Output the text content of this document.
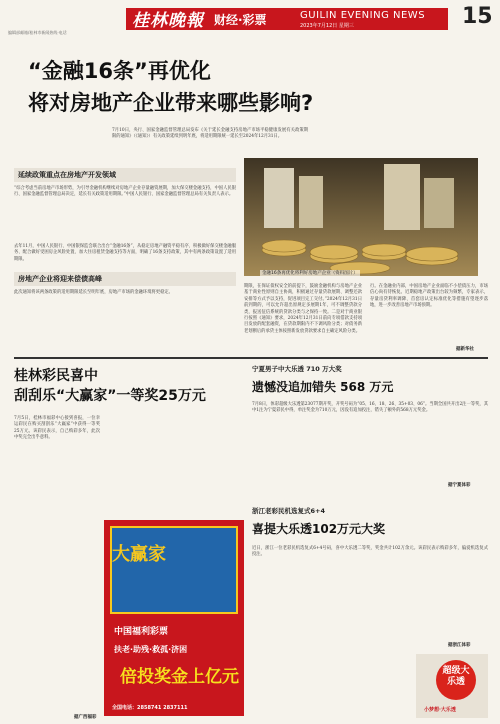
编辑部邮箱/桂林市新闻热线·电话
桂林晚報 财经·彩票	GUILIN EVENING NEWS
2023年7月12日 星期三	15
“金融16条”再优化
将对房地产企业带来哪些影响?

7月10日，央行、国家金融监督管理总局发布《关于延长金融支持房地产市场平稳健康发展有关政策期限的通知》（《通知》）有关政策延续到明年底，将适用期限统一延长至2024年12月31日。

延续政策重点在房地产开发领域

“综合考虑当前房地产市场形势，为引导金融机构继续对房地产企业存量融资展期，加大保交楼金融支持，中国人民银行、国家金融监督管理总局决定，延长有关政策适用期限。”中国人民银行、国家金融监督管理总局有关负责人表示。

去年11月，中国人民银行、中国银保监会联合出台“金融16条”，从稳定房地产融资平稳有序、积极做好保交楼金融服务、配合做好受困房企风险处置、加大住房租赁金融支持等方面，明确了16条支持政策，其中有两条政策设置了适用期限。

房地产企业将迎来偿债高峰

此次通知将该两条政策的适用期限延长至明年底，房地产市场的金融环境将更稳定。

金融16条再优化将利好房地产企业（资料图片）

期限，在保证债权安全的前提下，鼓励金融机构与房地产企业基于商业性原则自主协商，积极通过存量贷款展期、调整还款安排等方式予以支持，促进项目完工交付。”2024年12月31日前到期的，可以允许超出原规定多展期1年，可不调整贷款分类，报送征信系统的贷款分类与之保持一致。二是对于商业银行按照《通知》要求，2024年12月31日前向专项借款支持项目发放的配套融资，在贷款期限内不下调风险分类；对债务新老划断后的承贷主体按照新发放贷款要求自主确定风险分类。

行。在金融业内部，中国房地产企业面临不小偿债压力，市场信心尚有待恢复。近期稳地产政策出台较为频繁，专家表示，存量房贷利率调降、首套房认定标准优化等措施有望逐步落地，进一步改善房地产市场预期。

据新华社
桂林彩民喜中
刮刮乐“大赢家”一等奖25万元

7月5日，桂林市福彩中心接到喜报，一位幸运彩民在购买刮刮乐“大赢家”中获得一等奖25万元。该彩民表示，自己购彩多年，此次中奖完全出乎意料。

据广西福彩
大赢家
中国福利彩票
扶老·助残·救孤·济困
倍投奖金上亿元
全国电话：2858741 2837111
宁夏男子中大乐透 710 万大奖
遗憾没追加错失 568 万元

7月8日，体彩超级大乐透第23077期开奖，开奖号码为“05、16、18、26、35+03、06”。当期全国共开出2注一等奖，其中1注为宁夏彩民中得，单注奖金为710万元，因没有追加投注，错失了额外的568万元奖金。

据宁夏体彩
浙江老彩民机选复式6+4
喜提大乐透102万元大奖

近日，浙江一位老彩民机选复式6+4号码，喜中大乐透二等奖，奖金共计102万余元。该彩民表示购彩多年，偏爱机选复式投注。

据浙江体彩
超级大乐透
小梦想·大乐透
